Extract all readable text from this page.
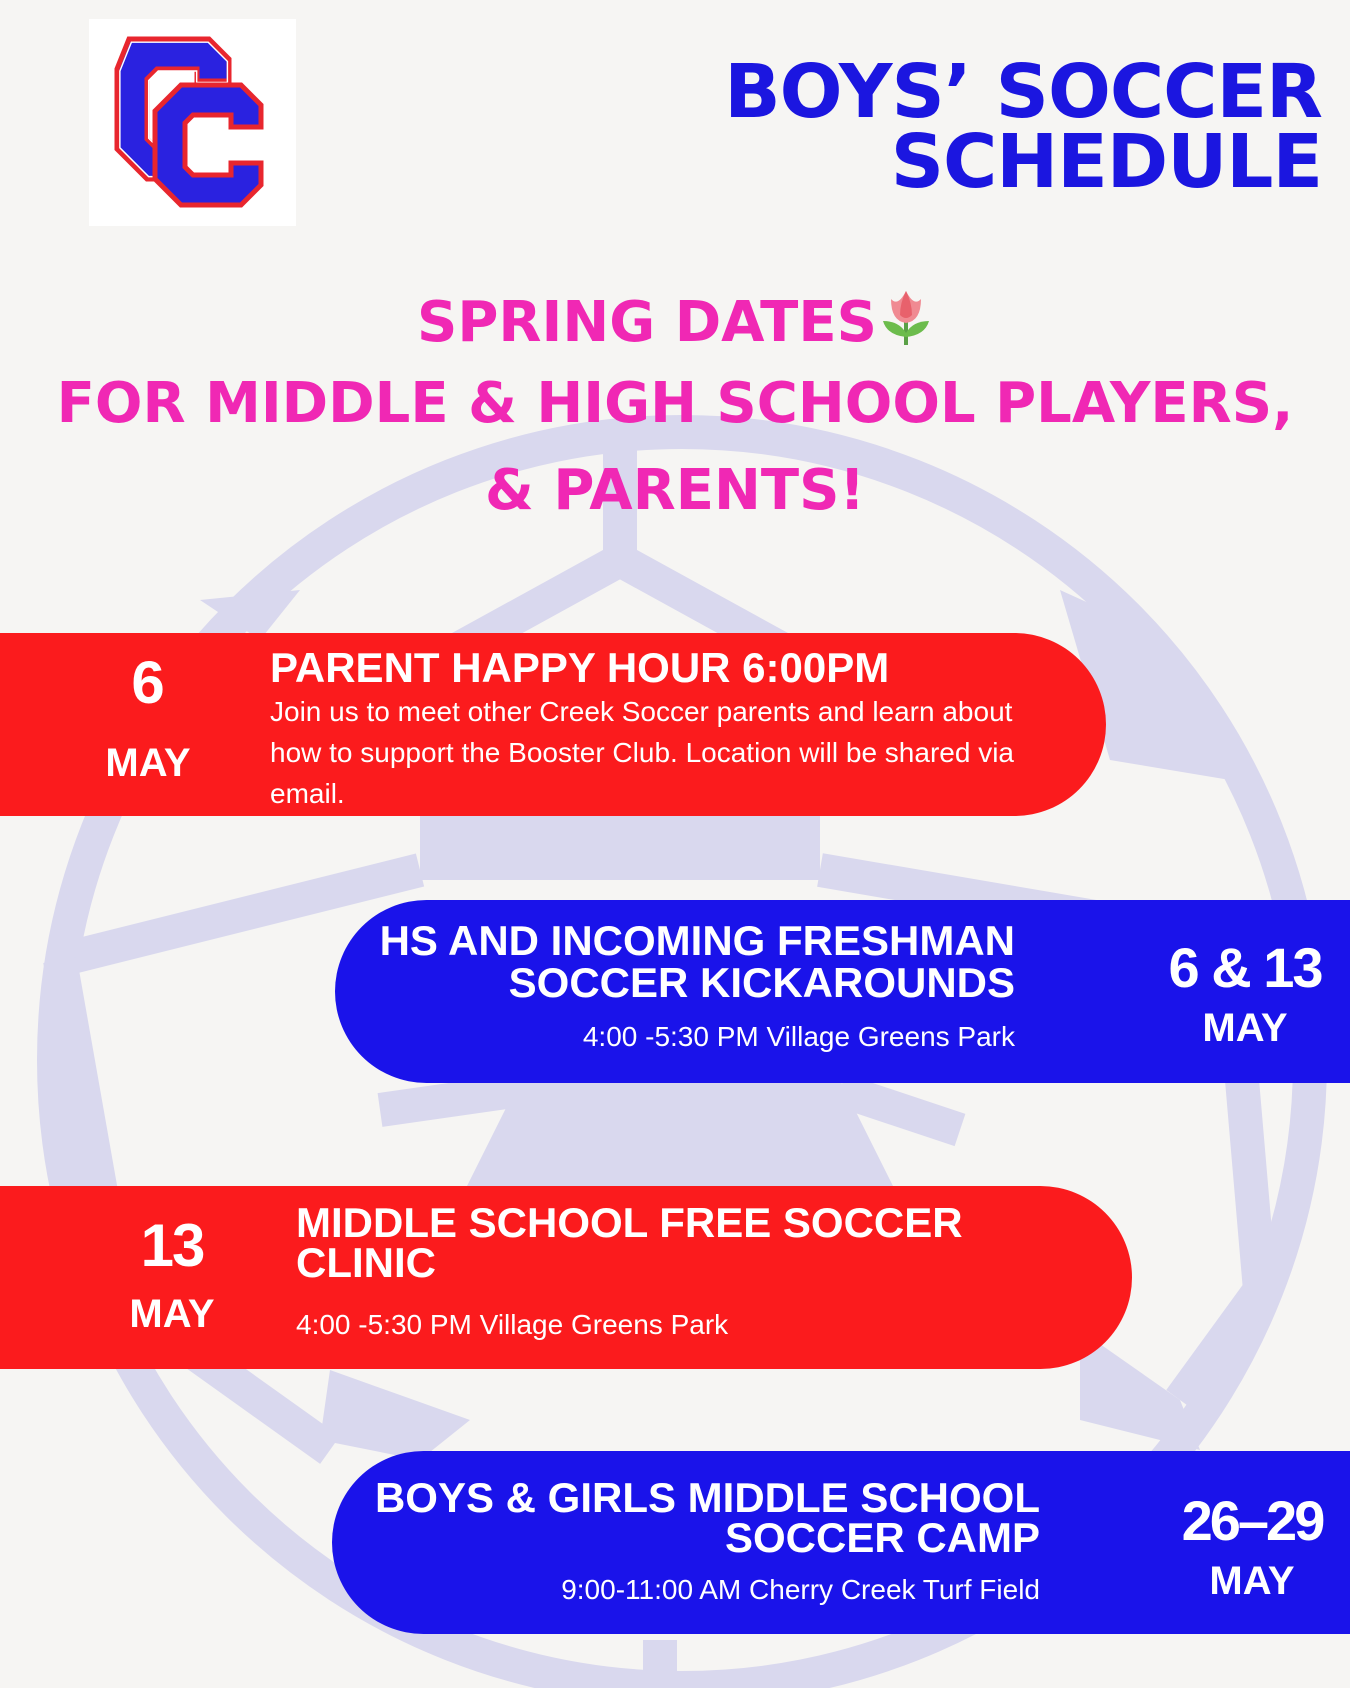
BOYS’ SOCCER
SCHEDULE

SPRING DATES

FOR MIDDLE & HIGH SCHOOL PLAYERS,

& PARENTS!

6
MAY

PARENT HAPPY HOUR 6:00PM

Join us to meet other Creek Soccer parents and learn about how to support the Booster Club. Location will be shared via email.

HS AND INCOMING FRESHMAN

SOCCER KICKAROUNDS

4:00 -5:30 PM Village Greens Park

6 & 13
MAY
13
MAY

MIDDLE SCHOOL FREE SOCCER

CLINIC

4:00 -5:30 PM Village Greens Park

BOYS & GIRLS MIDDLE SCHOOL

SOCCER CAMP

9:00-11:00 AM Cherry Creek Turf Field

26–29
MAY
